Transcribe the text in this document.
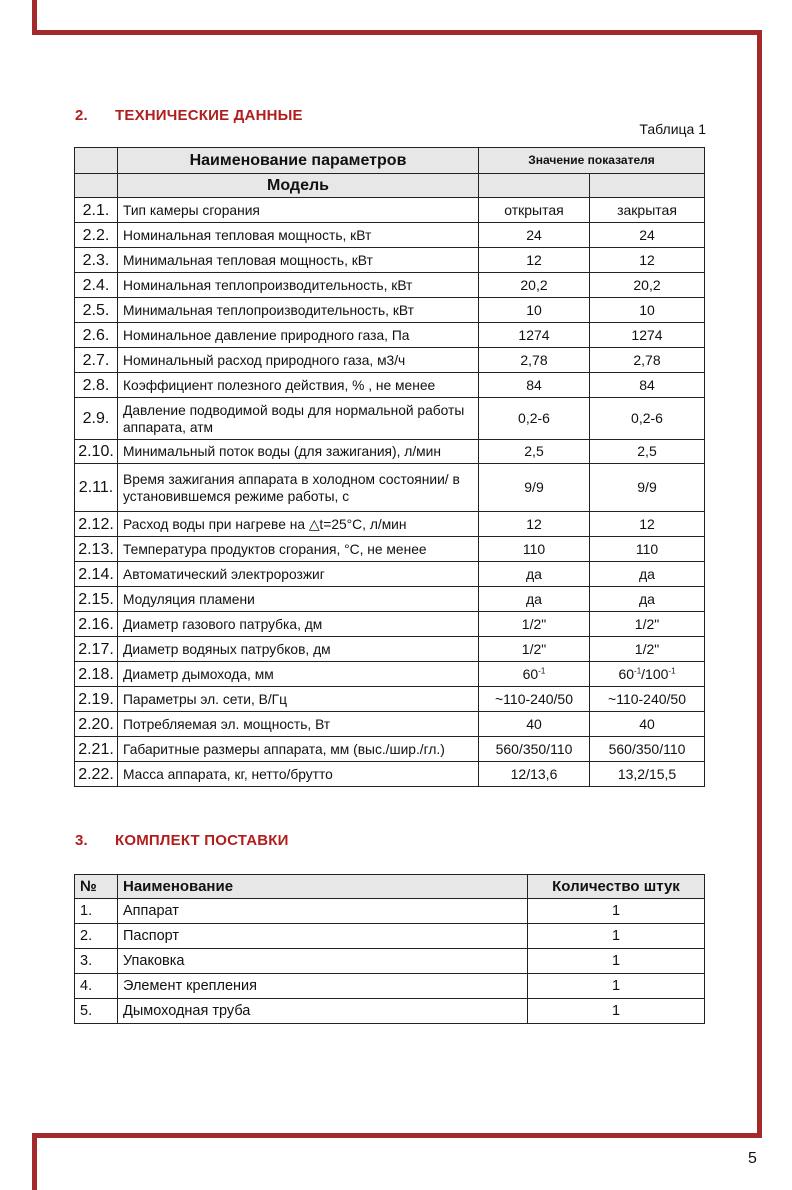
2. ТЕХНИЧЕСКИЕ ДАННЫЕ
Таблица 1
	Наименование параметров	Значение показателя	
	Модель		
2.1.	Тип камеры сгорания	открытая	закрытая
2.2.	Номинальная тепловая мощность, кВт	24	24
2.3.	Минимальная тепловая мощность, кВт	12	12
2.4.	Номинальная теплопроизводительность, кВт	20,2	20,2
2.5.	Минимальная теплопроизводительность, кВт	10	10
2.6.	Номинальное давление природного газа, Па	1274	1274
2.7.	Номинальный расход природного газа, м3/ч	2,78	2,78
2.8.	Коэффициент полезного действия, % , не менее	84	84
2.9.	Давление подводимой воды для нормальной работы аппарата, атм	0,2-6	0,2-6
2.10.	Минимальный поток воды (для зажигания), л/мин	2,5	2,5
2.11.	Время зажигания аппарата в холодном состоянии/ в установившемся режиме работы, с	9/9	9/9
2.12.	Расход воды при нагреве на △t=25°C, л/мин	12	12
2.13.	Температура продуктов сгорания, °C, не менее	110	110
2.14.	Автоматический электророзжиг	да	да
2.15.	Модуляция пламени	да	да
2.16.	Диаметр газового патрубка, дм	1/2"	1/2"
2.17.	Диаметр водяных патрубков, дм	1/2"	1/2"
2.18.	Диаметр дымохода, мм	$60^{-1}$	$60^{-1}/100^{-1}$
2.19.	Параметры эл. сети, В/Гц	~110-240/50	~110-240/50
2.20.	Потребляемая эл. мощность, Вт	40	40
2.21.	Габаритные размеры аппарата, мм (выс./шир./гл.)	560/350/110	560/350/110
2.22.	Масса аппарата, кг, нетто/брутто	12/13,6	13,2/15,5
3. КОМПЛЕКТ ПОСТАВКИ
№	Наименование	Количество штук
1.	Аппарат	1
2.	Паспорт	1
3.	Упаковка	1
4.	Элемент крепления	1
5.	Дымоходная труба	1
5
